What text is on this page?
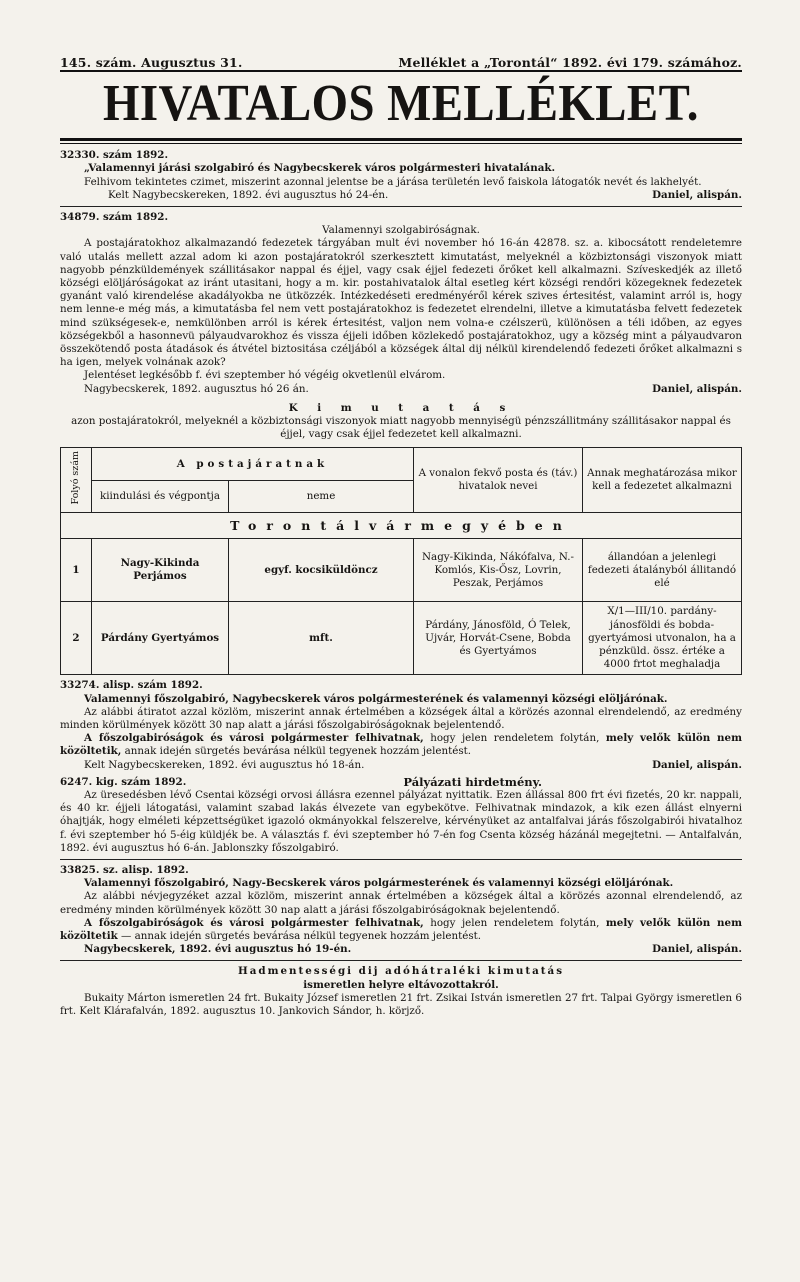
145. szám. Augusztus 31.	Melléklet a „Torontál“ 1892. évi 179. számához.
HIVATALOS MELLÉKLET.
32330. szám 1892.

„Valamennyi járási szolgabiró és Nagybecskerek város polgármesteri hivatalának.

Felhivom tekintetes czimet, miszerint azonnal jelentse be a járása területén levő faiskola látogatók nevét és lakhelyét.

Kelt Nagybecskereken, 1892. évi augusztus hó 24-én.	Daniel, alispán.
34879. szám 1892.

Valamennyi szolgabiróságnak.

A postajáratokhoz alkalmazandó fedezetek tárgyában mult évi november hó 16-án 42878. sz. a. kibocsátott rendeletemre való utalás mellett azzal adom ki azon postajáratokról szerkesztett kimutatást, melyeknél a közbiztonsági viszonyok miatt nagyobb pénzküldemények szállitásakor nappal és éjjel, vagy csak éjjel fedezeti őrőket kell alkalmazni. Szíveskedjék az illető községi elöljáróságokat az iránt utasitani, hogy a m. kir. postahivatalok által esetleg kért községi rendőri közegeknek fedezetek gyanánt való kirendelése akadályokba ne ütközzék. Intézkedéseti eredményéről kérek szives értesitést, valamint arról is, hogy nem lenne-e még más, a kimutatásba fel nem vett postajáratokhoz is fedezetet elrendelni, illetve a kimutatásba felvett fedezetek mind szükségesek-e, nemkülönben arról is kérek értesitést, valjon nem volna-e czélszerü, különösen a téli időben, az egyes községekből a hasonnevü pályaudvarokhoz és vissza éjjeli időben közlekedő postajáratokhoz, ugy a község mint a pályaudvaron összekötendő posta átadások és átvétel biztositása czéljából a községek által dij nélkül kirendelendő fedezeti őrőket alkalmazni s ha igen, melyek volnának azok?

Jelentéset legkésőbb f. évi szeptember hó végéig okvetlenül elvárom.

Nagybecskerek, 1892. augusztus hó 26 án.	Daniel, alispán.
K i m u t a t á s

azon postajáratokról, melyeknél a közbiztonsági viszonyok miatt nagyobb mennyiségü pénzszállitmány szállitásakor nappal és éjjel, vagy csak éjjel fedezetet kell alkalmazni.

Folyó szám	A postajáratnak		A vonalon fekvő posta és (táv.) hivatalok nevei	Annak meghatározása mikor kell a fedezetet alkalmazni
	kiindulási és végpontja	neme		
Torontálvármegyében				
1	Nagy-Kikinda Perjámos	egyf. kocsiküldöncz	Nagy-Kikinda, Nákófalva, N.-Komlós, Kis-Ősz, Lovrin, Peszak, Perjámos	állandóan a jelenlegi fedezeti átalányból állitandó elé
2	Párdány Gyertyámos	mft.	Párdány, Jánosföld, Ó Telek, Ujvár, Horvát-Csene, Bobda és Gyertyámos	X/1—III/10. pardány-jánosföldi és bobda-gyertyámosi utvonalon, ha a pénzküld. össz. értéke a 4000 frtot meghaladja
33274. alisp. szám 1892.

Valamennyi főszolgabiró, Nagybecskerek város polgármesterének és valamennyi községi elöljárónak.

Az alábbi átiratot azzal közlöm, miszerint annak értelmében a községek által a körözés azonnal elrendelendő, az eredmény minden körülmények között 30 nap alatt a járási főszolgabiróságoknak bejelentendő.

A főszolgabiróságok és városi polgármester felhivatnak, hogy jelen rendeletem folytán, mely velők külön nem közöltetik, annak idején sürgetés bevárása nélkül tegyenek hozzám jelentést.

Kelt Nagybecskereken, 1892. évi augusztus hó 18-án.	Daniel, alispán.
6247. kig. szám 1892.	Pályázati hirdetmény.

Az üresedésben lévő Csentai községi orvosi állásra ezennel pályázat nyittatik. Ezen állással 800 frt évi fizetés, 20 kr. nappali, és 40 kr. éjjeli látogatási, valamint szabad lakás élvezete van egybekötve. Felhivatnak mindazok, a kik ezen állást elnyerni óhajtják, hogy elméleti képzettségüket igazoló okmányokkal felszerelve, kérvényüket az antalfalvai járás főszolgabirói hivatalhoz f. évi szeptember hó 5-éig küldjék be. A választás f. évi szeptember hó 7-én fog Csenta község házánál megejtetni. — Antalfalván, 1892. évi augusztus hó 6-án. Jablonszky főszolgabiró.

33825. sz. alisp. 1892.

Valamennyi főszolgabiró, Nagy-Becskerek város polgármesterének és valamennyi községi elöljárónak.

Az alábbi névjegyzéket azzal közlöm, miszerint annak értelmében a községek által a körözés azonnal elrendelendő, az eredmény minden körülmények között 30 nap alatt a járási főszolgabiróságoknak bejelentendő.

A főszolgabiróságok és városi polgármester felhivatnak, hogy jelen rendeletem folytán, mely velők külön nem közöltetik — annak idején sürgetés bevárása nélkül tegyenek hozzám jelentést.

Nagybecskerek, 1892. évi augusztus hó 19-én.	Daniel, alispán.
Hadmentességi dij adóhátraléki kimutatás
ismeretlen helyre eltávozottakról.

Bukaity Márton ismeretlen 24 frt. Bukaity József ismeretlen 21 frt. Zsikai István ismeretlen 27 frt. Talpai György ismeretlen 6 frt. Kelt Klárafalván, 1892. augusztus 10. Jankovich Sándor, h. körjző.
